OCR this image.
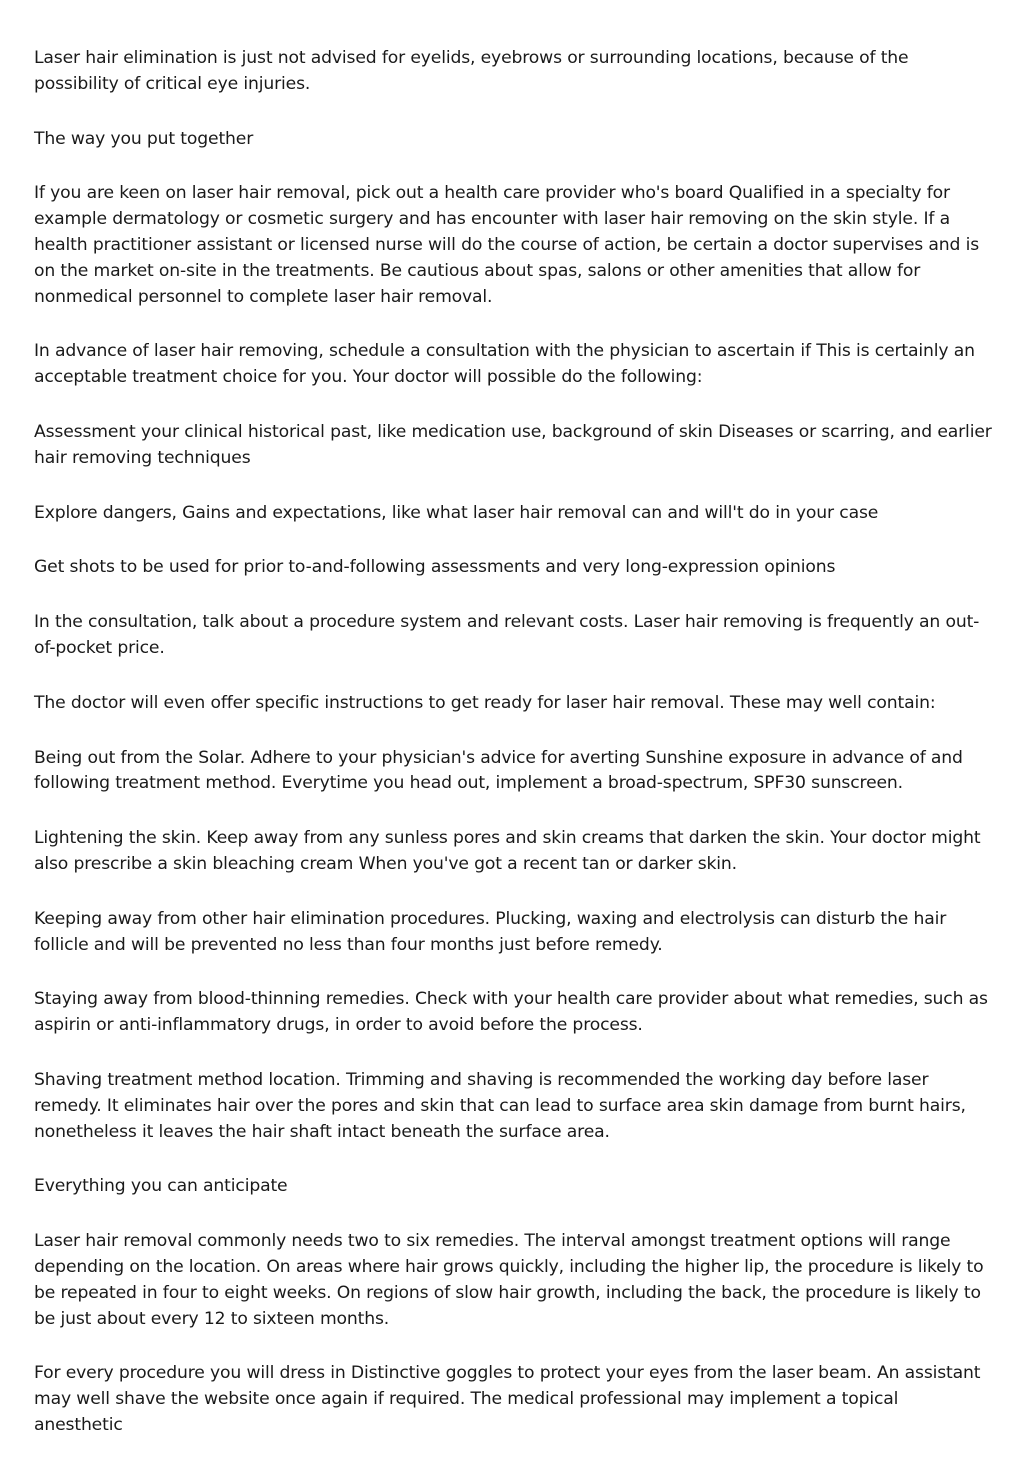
Laser hair elimination is just not advised for eyelids, eyebrows or surrounding locations, because of the possibility of critical eye injuries.

The way you put together

If you are keen on laser hair removal, pick out a health care provider who's board Qualified in a specialty for example dermatology or cosmetic surgery and has encounter with laser hair removing on the skin style. If a health practitioner assistant or licensed nurse will do the course of action, be certain a doctor supervises and is on the market on-site in the treatments. Be cautious about spas, salons or other amenities that allow for nonmedical personnel to complete laser hair removal.

In advance of laser hair removing, schedule a consultation with the physician to ascertain if This is certainly an acceptable treatment choice for you. Your doctor will possible do the following:

Assessment your clinical historical past, like medication use, background of skin Diseases or scarring, and earlier hair removing techniques

Explore dangers, Gains and expectations, like what laser hair removal can and will't do in your case

Get shots to be used for prior to-and-following assessments and very long-expression opinions

In the consultation, talk about a procedure system and relevant costs. Laser hair removing is frequently an out-of-pocket price.

The doctor will even offer specific instructions to get ready for laser hair removal. These may well contain:

Being out from the Solar. Adhere to your physician's advice for averting Sunshine exposure in advance of and following treatment method. Everytime you head out, implement a broad-spectrum, SPF30 sunscreen.

Lightening the skin. Keep away from any sunless pores and skin creams that darken the skin. Your doctor might also prescribe a skin bleaching cream When you've got a recent tan or darker skin.

Keeping away from other hair elimination procedures. Plucking, waxing and electrolysis can disturb the hair follicle and will be prevented no less than four months just before remedy.

Staying away from blood-thinning remedies. Check with your health care provider about what remedies, such as aspirin or anti-inflammatory drugs, in order to avoid before the process.

Shaving treatment method location. Trimming and shaving is recommended the working day before laser remedy. It eliminates hair over the pores and skin that can lead to surface area skin damage from burnt hairs, nonetheless it leaves the hair shaft intact beneath the surface area.

Everything you can anticipate

Laser hair removal commonly needs two to six remedies. The interval amongst treatment options will range depending on the location. On areas where hair grows quickly, including the higher lip, the procedure is likely to be repeated in four to eight weeks. On regions of slow hair growth, including the back, the procedure is likely to be just about every 12 to sixteen months.

For every procedure you will dress in Distinctive goggles to protect your eyes from the laser beam. An assistant may well shave the website once again if required. The medical professional may implement a topical anesthetic
